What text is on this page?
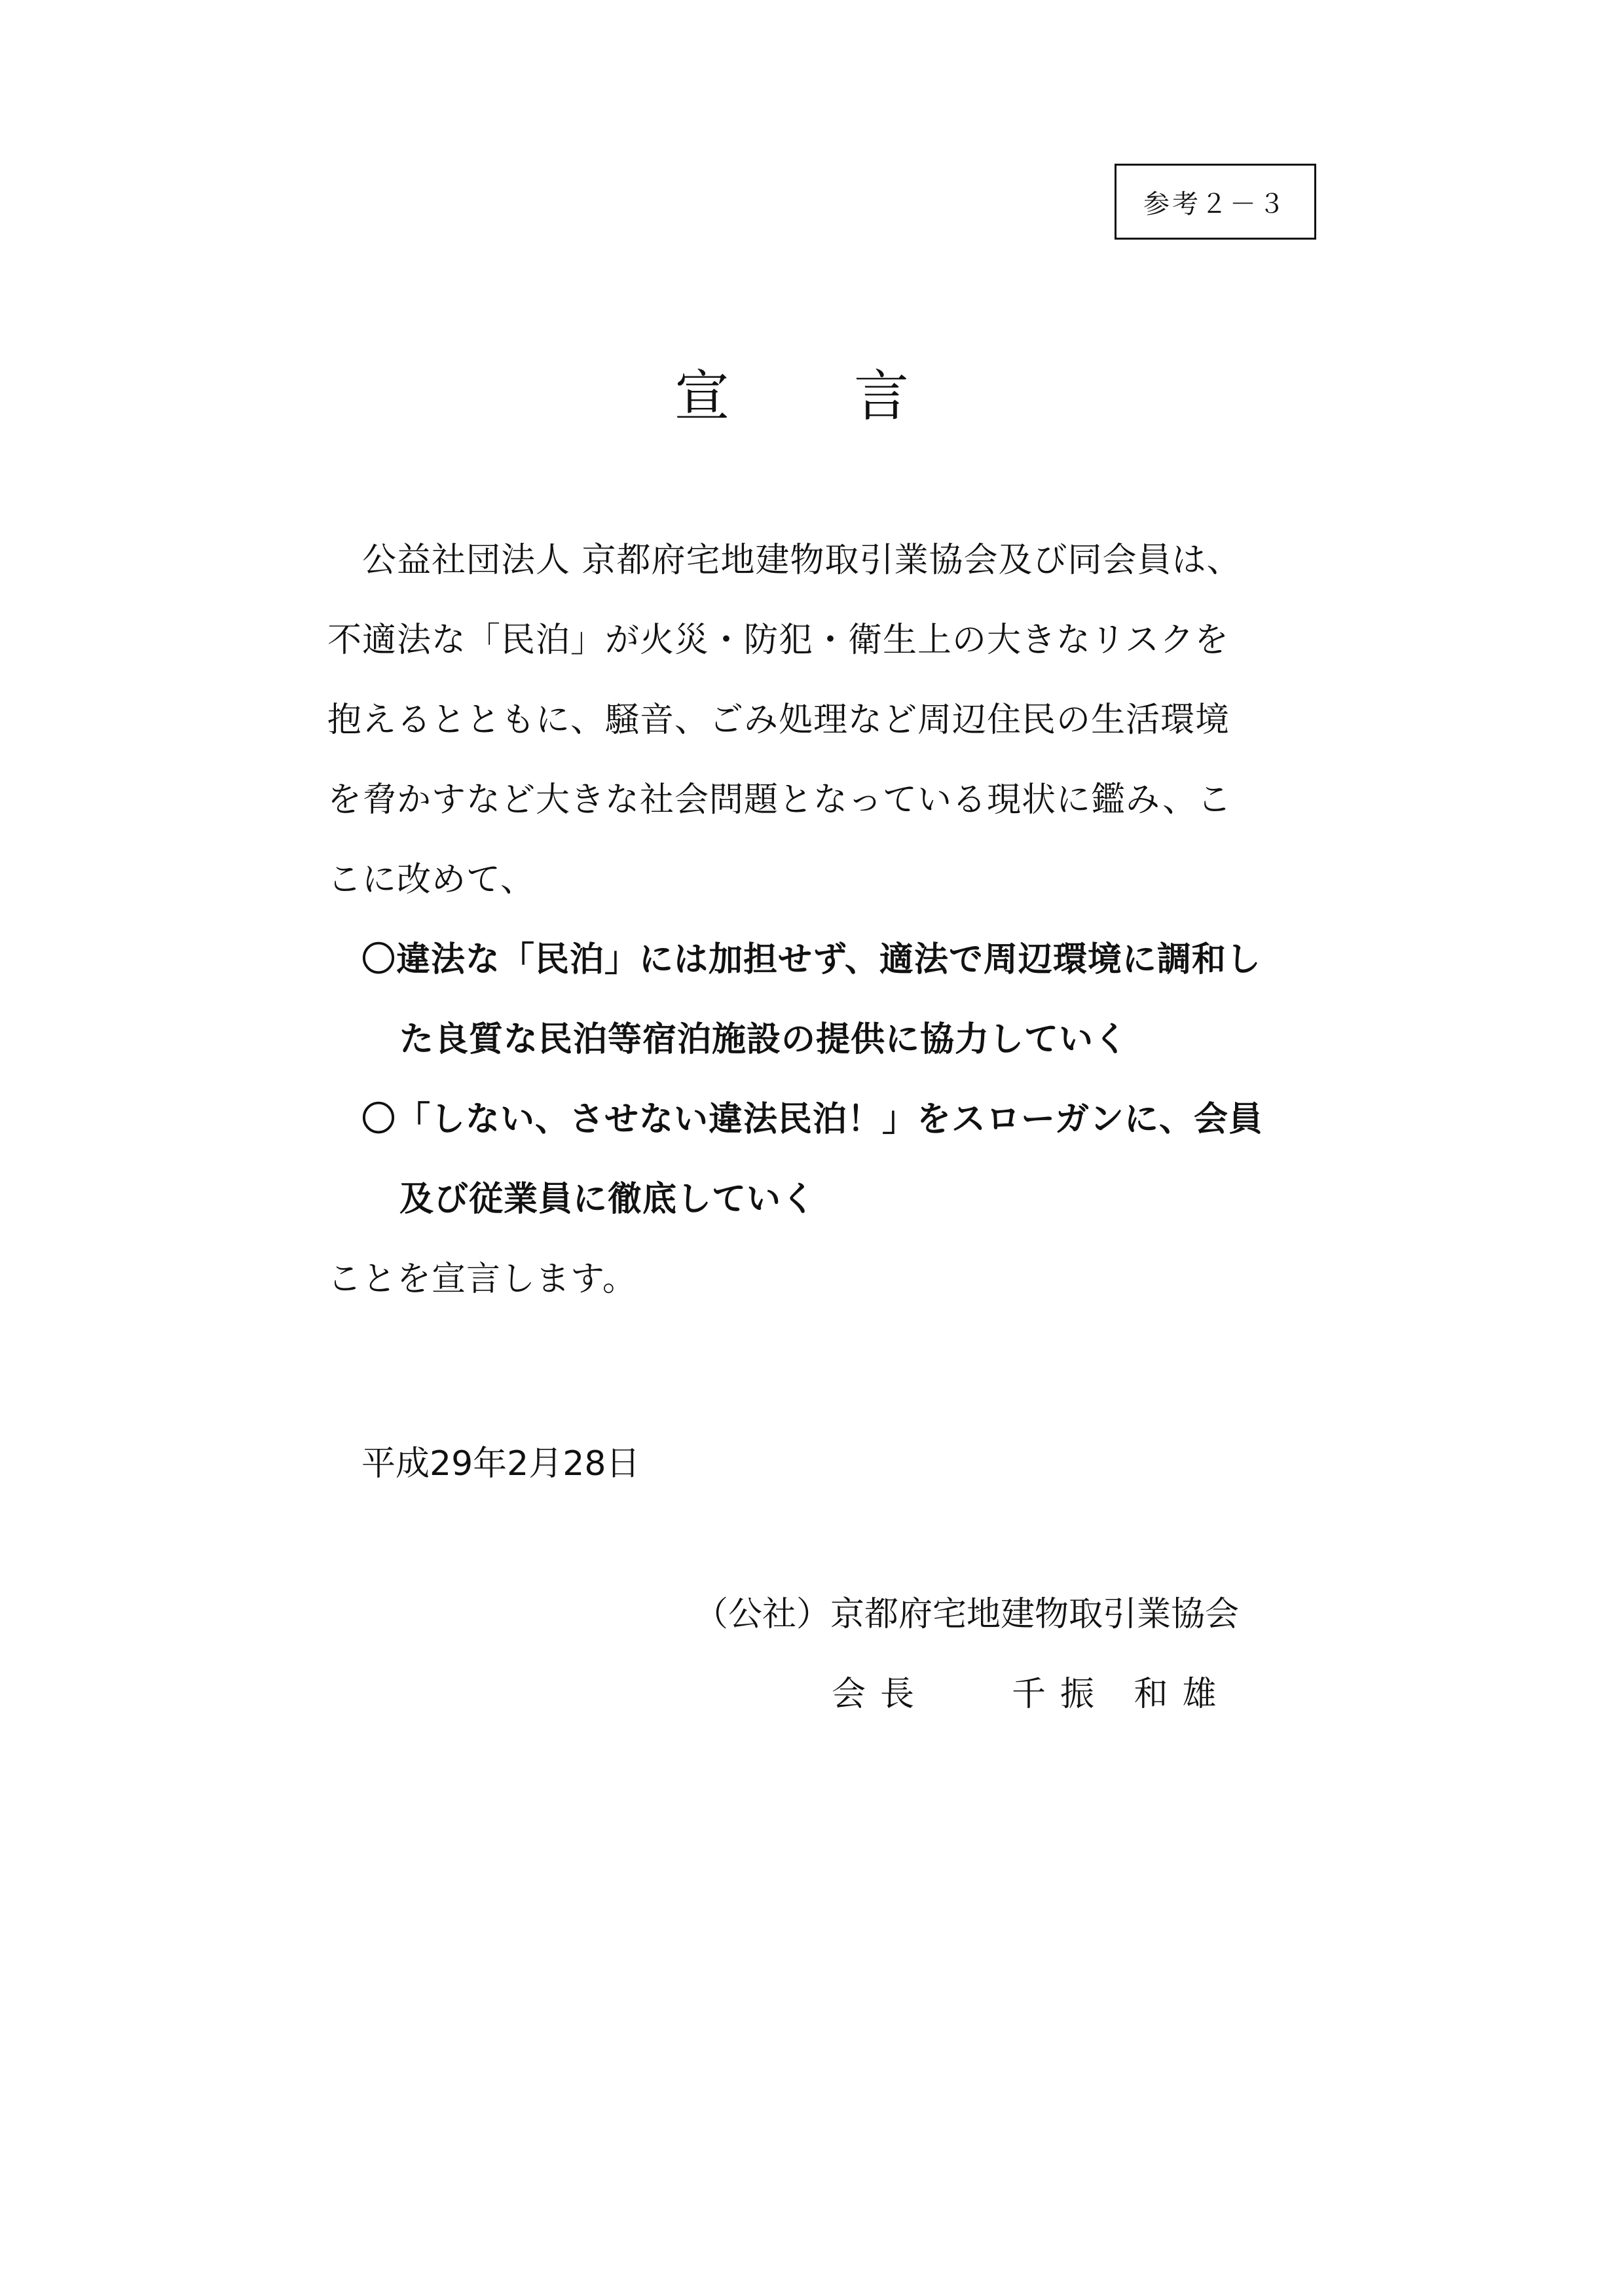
参考２－３
宣言
　公益社団法人 京都府宅地建物取引業協会及び同会員は、
不適法な「民泊」が火災・防犯・衛生上の大きなリスクを
抱えるとともに、騒音、ごみ処理など周辺住民の生活環境
を脅かすなど大きな社会問題となっている現状に鑑み、こ
こに改めて、
〇違法な「民泊」には加担せず、適法で周辺環境に調和し
た良質な民泊等宿泊施設の提供に協力していく
〇「しない、させない違法民泊！」をスローガンに、会員
及び従業員に徹底していく
ことを宣言します。
平成29年2月28日
（公社）京都府宅地建物取引業協会
会長 千振 和雄
